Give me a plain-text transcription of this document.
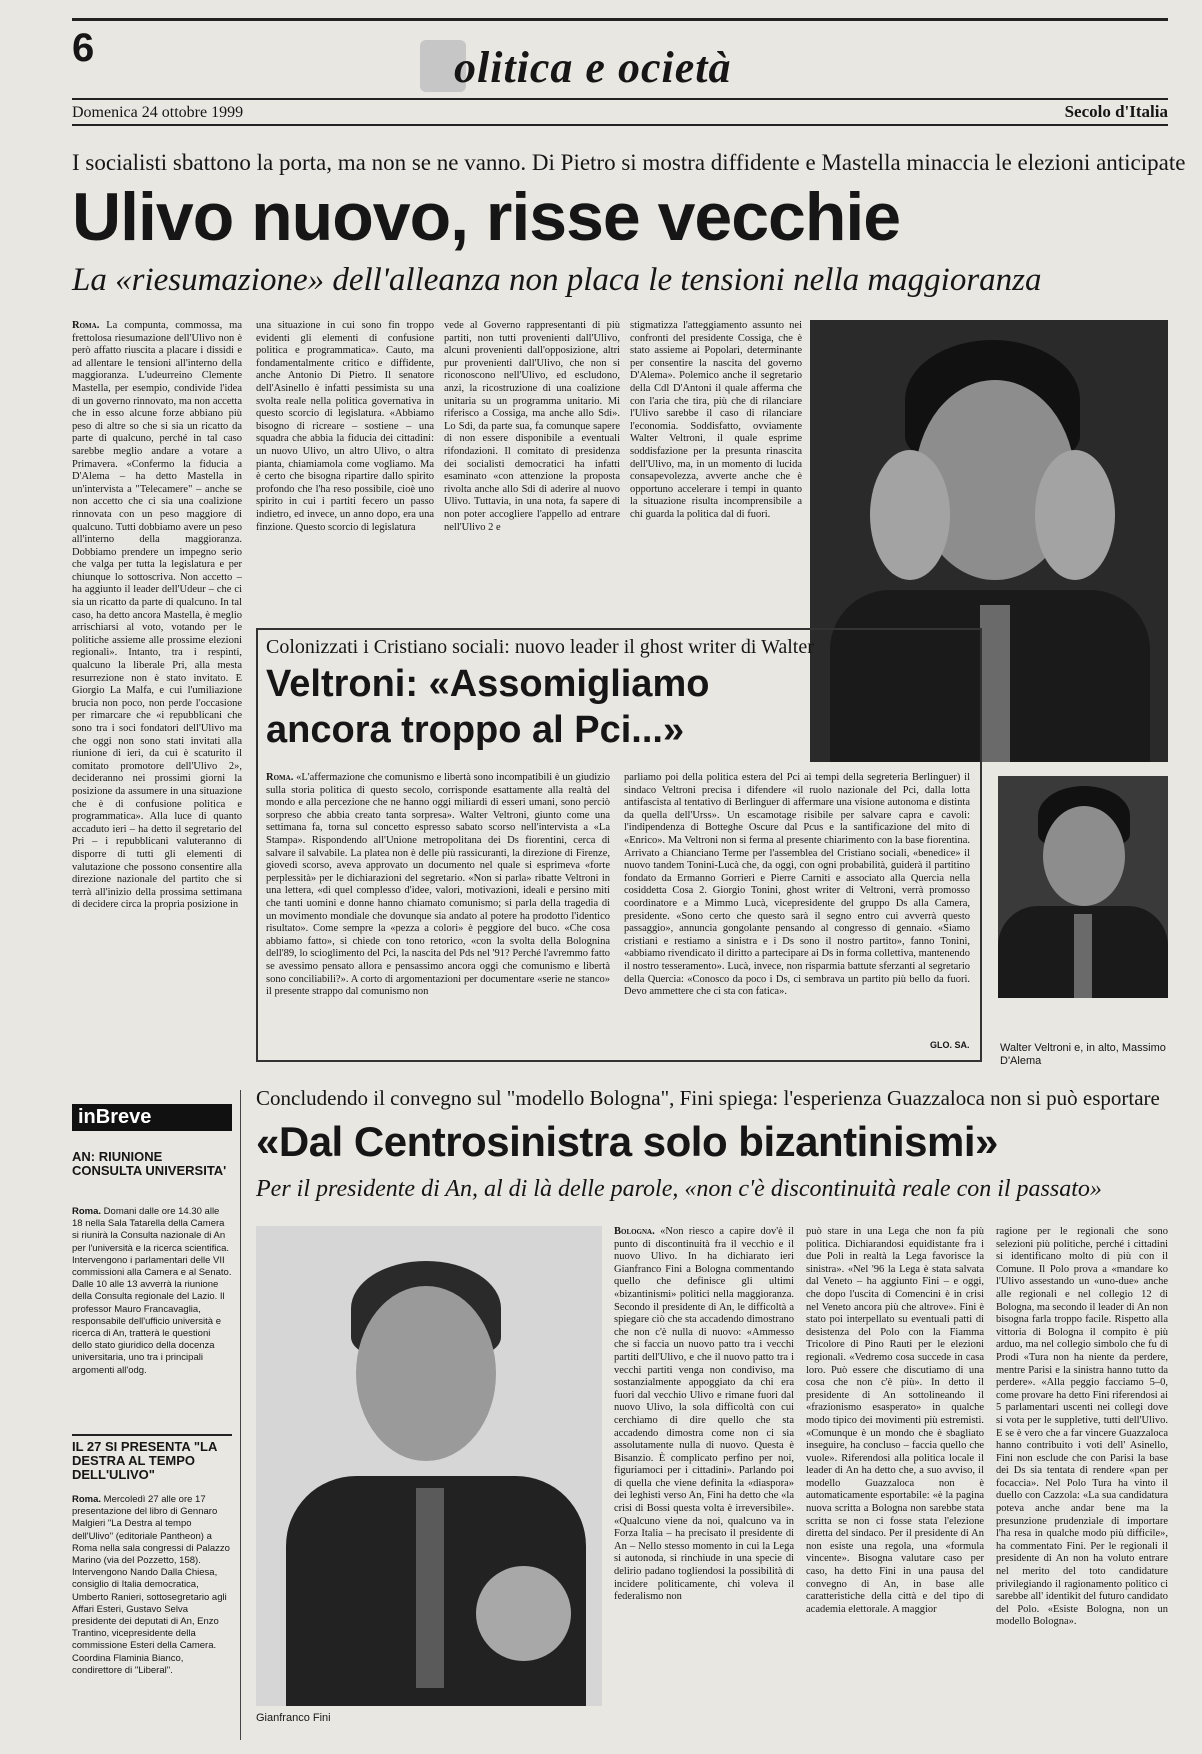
6	olitica e ocietà
Domenica 24 ottobre 1999	Secolo d'Italia
I socialisti sbattono la porta, ma non se ne vanno. Di Pietro si mostra diffidente e Mastella minaccia le elezioni anticipate
Ulivo nuovo, risse vecchie
La «riesumazione» dell'alleanza non placa le tensioni nella maggioranza
Roma. La compunta, commossa, ma frettolosa riesumazione dell'Ulivo non è però affatto riuscita a placare i dissidi e ad allentare le tensioni all'interno della maggioranza. L'udeurreino Clemente Mastella, per esempio, condivide l'idea di un governo rinnovato, ma non accetta che in esso alcune forze abbiano più peso di altre so che si sia un ricatto da parte di qualcuno, perché in tal caso sarebbe meglio andare a votare a Primavera. «Confermo la fiducia a D'Alema – ha detto Mastella in un'intervista a "Telecamere" – anche se non accetto che ci sia una coalizione rinnovata con un peso maggiore di qualcuno. Tutti dobbiamo avere un peso all'interno della maggioranza. Dobbiamo prendere un impegno serio che valga per tutta la legislatura e per chiunque lo sottoscriva. Non accetto – ha aggiunto il leader dell'Udeur – che ci sia un ricatto da parte di qualcuno. In tal caso, ha detto ancora Mastella, è meglio arrischiarsi al voto, votando per le politiche assieme alle prossime elezioni regionali». Intanto, tra i respinti, qualcuno la liberale Pri, alla mesta resurrezione non è stato invitato. E Giorgio La Malfa, e cui l'umiliazione brucia non poco, non perde l'occasione per rimarcare che «i repubblicani che sono tra i soci fondatori dell'Ulivo ma che oggi non sono stati invitati alla riunione di ieri, da cui è scaturito il comitato promotore dell'Ulivo 2», decideranno nei prossimi giorni la posizione da assumere in una situazione che è di confusione politica e programmatica». Alla luce di quanto accaduto ieri – ha detto il segretario del Pri – i repubblicani valuteranno di disporre di tutti gli elementi di valutazione che possono consentire alla direzione nazionale del partito che si terrà all'inizio della prossima settimana di decidere circa la propria posizione in
una situazione in cui sono fin troppo evidenti gli elementi di confusione politica e programmatica». Cauto, ma fondamentalmente critico e diffidente, anche Antonio Di Pietro. Il senatore dell'Asinello è infatti pessimista su una svolta reale nella politica governativa in questo scorcio di legislatura. «Abbiamo bisogno di ricreare – sostiene – una squadra che abbia la fiducia dei cittadini: un nuovo Ulivo, un altro Ulivo, o altra pianta, chiamiamola come vogliamo. Ma è certo che bisogna ripartire dallo spirito profondo che l'ha reso possibile, cioè uno spirito in cui i partiti fecero un passo indietro, ed invece, un anno dopo, era una finzione. Questo scorcio di legislatura
vede al Governo rappresentanti di più partiti, non tutti provenienti dall'Ulivo, alcuni provenienti dall'opposizione, altri pur provenienti dall'Ulivo, che non si riconoscono nell'Ulivo, ed escludono, anzi, la ricostruzione di una coalizione unitaria su un programma unitario. Mi riferisco a Cossiga, ma anche allo Sdi». Lo Sdi, da parte sua, fa comunque sapere di non essere disponibile a eventuali rifondazioni. Il comitato di presidenza dei socialisti democratici ha infatti esaminato «con attenzione la proposta rivolta anche allo Sdi di aderire al nuovo Ulivo. Tuttavia, in una nota, fa sapere di non poter accogliere l'appello ad entrare nell'Ulivo 2 e
stigmatizza l'atteggiamento assunto nei confronti del presidente Cossiga, che è stato assieme ai Popolari, determinante per consentire la nascita del governo D'Alema». Polemico anche il segretario della Cdl D'Antoni il quale afferma che con l'aria che tira, più che di rilanciare l'Ulivo sarebbe il caso di rilanciare l'economia. Soddisfatto, ovviamente Walter Veltroni, il quale esprime soddisfazione per la presunta rinascita dell'Ulivo, ma, in un momento di lucida consapevolezza, avverte anche che è opportuno accelerare i tempi in quanto la situazione risulta incomprensibile a chi guarda la politica dal di fuori.
Colonizzati i Cristiano sociali: nuovo leader il ghost writer di Walter
Veltroni: «Assomigliamo
ancora troppo al Pci...»
Roma. «L'affermazione che comunismo e libertà sono incompatibili è un giudizio sulla storia politica di questo secolo, corrisponde esattamente alla realtà del mondo e alla percezione che ne hanno oggi miliardi di esseri umani, sono perciò sorpreso che abbia creato tanta sorpresa». Walter Veltroni, giunto come una settimana fa, torna sul concetto espresso sabato scorso nell'intervista a «La Stampa». Rispondendo all'Unione metropolitana dei Ds fiorentini, cerca di salvare il salvabile. La platea non è delle più rassicuranti, la direzione di Firenze, giovedì scorso, aveva approvato un documento nel quale si esprimeva «forte perplessità» per le dichiarazioni del segretario. «Non si parla» ribatte Veltroni in una lettera, «di quel complesso d'idee, valori, motivazioni, ideali e persino miti che tanti uomini e donne hanno chiamato comunismo; si parla della tragedia di un movimento mondiale che dovunque sia andato al potere ha prodotto l'identico risultato». Come sempre la «pezza a colori» è peggiore del buco. «Che cosa abbiamo fatto», si chiede con tono retorico, «con la svolta della Bolognina dell'89, lo scioglimento del Pci, la nascita del Pds nel '91? Perché l'avremmo fatto se avessimo pensato allora e pensassimo ancora oggi che comunismo e libertà sono conciliabili?». A corto di argomentazioni per documentare «serie ne stanco» il presente strappo dal comunismo non
parliamo poi della politica estera del Pci ai tempi della segreteria Berlinguer) il sindaco Veltroni precisa i difendere «il ruolo nazionale del Pci, dalla lotta antifascista al tentativo di Berlinguer di affermare una visione autonoma e distinta da quella dell'Urss». Un escamotage risibile per salvare capra e cavoli: l'indipendenza di Botteghe Oscure dal Pcus e la santificazione del mito di «Enrico». Ma Veltroni non si ferma al presente chiarimento con la base fiorentina. Arrivato a Chianciano Terme per l'assemblea del Cristiano sociali, «benedice» il nuovo tandem Tonini-Lucà che, da oggi, con ogni probabilità, guiderà il partitino fondato da Ermanno Gorrieri e Pierre Carniti e associato alla Quercia nella cosiddetta Cosa 2. Giorgio Tonini, ghost writer di Veltroni, verrà promosso coordinatore e a Mimmo Lucà, vicepresidente del gruppo Ds alla Camera, presidente. «Sono certo che questo sarà il segno entro cui avverrà questo passaggio», annuncia gongolante pensando al congresso di gennaio. «Siamo cristiani e restiamo a sinistra e i Ds sono il nostro partito», fanno Tonini, «abbiamo rivendicato il diritto a partecipare ai Ds in forma collettiva, mantenendo il nostro tesseramento». Lucà, invece, non risparmia battute sferzanti al segretario della Quercia: «Conosco da poco i Ds, ci sembrava un partito più bello da fuori. Devo ammettere che ci sta con fatica».
GLO. SA.	Walter Veltroni e, in alto, Massimo D'Alema
inBreve
AN: RIUNIONE CONSULTA UNIVERSITA'
Roma. Domani dalle ore 14.30 alle 18 nella Sala Tatarella della Camera si riunirà la Consulta nazionale di An per l'università e la ricerca scientifica. Intervengono i parlamentari delle VII commissioni alla Camera e al Senato. Dalle 10 alle 13 avverrà la riunione della Consulta regionale del Lazio. Il professor Mauro Francavaglia, responsabile dell'ufficio università e ricerca di An, tratterà le questioni dello stato giuridico della docenza universitaria, uno tra i principali argomenti all'odg.
IL 27 SI PRESENTA "LA DESTRA AL TEMPO DELL'ULIVO"
Roma. Mercoledì 27 alle ore 17 presentazione del libro di Gennaro Malgieri "La Destra al tempo dell'Ulivo" (editoriale Pantheon) a Roma nella sala congressi di Palazzo Marino (via del Pozzetto, 158). Intervengono Nando Dalla Chiesa, consiglio di Italia democratica, Umberto Ranieri, sottosegretario agli Affari Esteri, Gustavo Selva presidente dei deputati di An, Enzo Trantino, vicepresidente della commissione Esteri della Camera. Coordina Flaminia Bianco, condirettore di "Liberal".
Concludendo il convegno sul "modello Bologna", Fini spiega: l'esperienza Guazzaloca non si può esportare
«Dal Centrosinistra solo bizantinismi»
Per il presidente di An, al di là delle parole, «non c'è discontinuità reale con il passato»
Gianfranco Fini
Bologna. «Non riesco a capire dov'è il punto di discontinuità fra il vecchio e il nuovo Ulivo. In ha dichiarato ieri Gianfranco Fini a Bologna commentando quello che definisce gli ultimi «bizantinismi» politici nella maggioranza. Secondo il presidente di An, le difficoltà a spiegare ciò che sta accadendo dimostrano che non c'è nulla di nuovo: «Ammesso che si faccia un nuovo patto tra i vecchi partiti dell'Ulivo, e che il nuovo patto tra i vecchi partiti venga non condiviso, ma sostanzialmente appoggiato da chi era fuori dal vecchio Ulivo e rimane fuori dal nuovo Ulivo, la sola difficoltà con cui cerchiamo di dire quello che sta accadendo dimostra come non ci sia assolutamente nulla di nuovo. Questa è Bisanzio. È complicato perfino per noi, figuriamoci per i cittadini». Parlando poi di quella che viene definita la «diaspora» dei leghisti verso An, Fini ha detto che «la crisi di Bossi questa volta è irreversibile». «Qualcuno viene da noi, qualcuno va in Forza Italia – ha precisato il presidente di An – Nello stesso momento in cui la Lega si autonoda, si rinchiude in una specie di delirio padano togliendosi la possibilità di incidere politicamente, chi voleva il federalismo non
può stare in una Lega che non fa più politica. Dichiarandosi equidistante fra i due Poli in realtà la Lega favorisce la sinistra». «Nel '96 la Lega è stata salvata dal Veneto – ha aggiunto Fini – e oggi, che dopo l'uscita di Comencini è in crisi nel Veneto ancora più che altrove». Fini è stato poi interpellato su eventuali patti di desistenza del Polo con la Fiamma Tricolore di Pino Rauti per le elezioni regionali. «Vedremo cosa succede in casa loro. Può essere che discutiamo di una cosa che non c'è più». In detto il presidente di An sottolineando il «frazionismo esasperato» in qualche modo tipico dei movimenti più estremisti. «Comunque è un mondo che è sbagliato inseguire, ha concluso – faccia quello che vuole». Riferendosi alla politica locale il leader di An ha detto che, a suo avviso, il modello Guazzaloca non è automaticamente esportabile: «è la pagina nuova scritta a Bologna non sarebbe stata scritta se non ci fosse stata l'elezione diretta del sindaco. Per il presidente di An non esiste una regola, una «formula vincente». Bisogna valutare caso per caso, ha detto Fini in una pausa del convegno di An, in base alle caratteristiche della città e del tipo di academia elettorale. A maggior
ragione per le regionali che sono selezioni più politiche, perché i cittadini si identificano molto di più con il Comune. Il Polo prova a «mandare ko l'Ulivo assestando un «uno-due» anche alle regionali e nel collegio 12 di Bologna, ma secondo il leader di An non bisogna farla troppo facile. Rispetto alla vittoria di Bologna il compito è più arduo, ma nel collegio simbolo che fu di Prodi «Tura non ha niente da perdere, mentre Parisi e la sinistra hanno tutto da perdere». «Alla peggio facciamo 5–0, come provare ha detto Fini riferendosi ai 5 parlamentari uscenti nei collegi dove si vota per le suppletive, tutti dell'Ulivo. E se è vero che a far vincere Guazzaloca hanno contribuito i voti dell' Asinello, Fini non esclude che con Parisi la base dei Ds sia tentata di rendere «pan per focaccia». Nel Polo Tura ha vinto il duello con Cazzola: «La sua candidatura poteva anche andar bene ma la presunzione prudenziale di importare l'ha resa in qualche modo più difficile», ha commentato Fini. Per le regionali il presidente di An non ha voluto entrare nel merito del toto candidature privilegiando il ragionamento politico ci sarebbe all' identikit del futuro candidato del Polo. «Esiste Bologna, non un modello Bologna».
